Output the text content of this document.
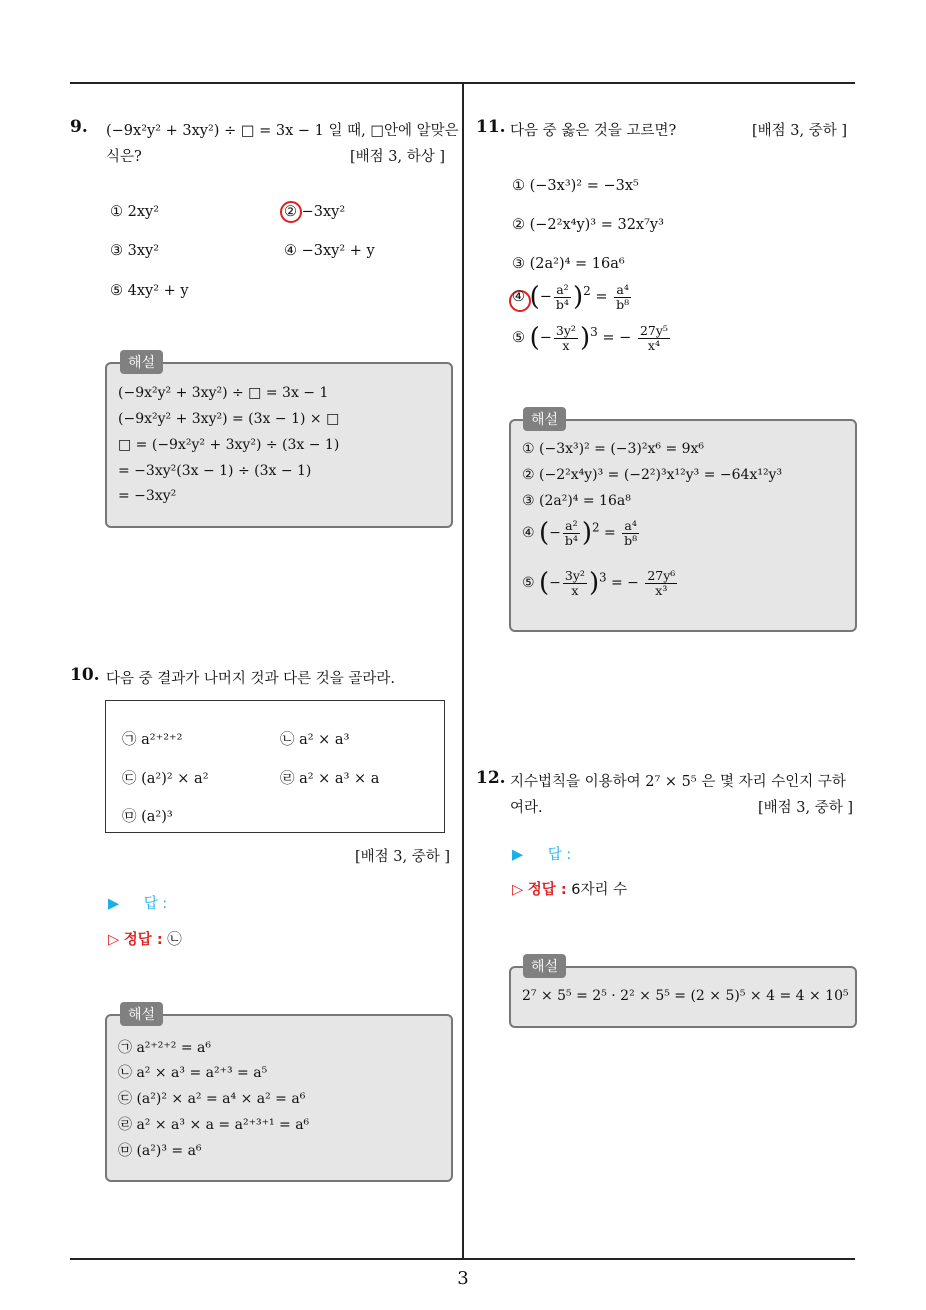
9. (−9x²y² + 3xy²) ÷ □ = 3x − 1 일 때, □안에 알맞은
식은?	[배점 3, 하상 ]
① 2xy²	② −3xy²
③ 3xy²	④ −3xy² + y
⑤ 4xy² + y
해설
(−9x²y² + 3xy²) ÷ □ = 3x − 1
(−9x²y² + 3xy²) = (3x − 1) × □
□ = (−9x²y² + 3xy²) ÷ (3x − 1)
= −3xy²(3x − 1) ÷ (3x − 1)
= −3xy²
10. 다음 중 결과가 나머지 것과 다른 것을 골라라.
㉠ a²⁺²⁺²	㉡ a² × a³
㉢ (a²)² × a²	㉣ a² × a³ × a
㉤ (a²)³
[배점 3, 중하 ]
▶ 답 :
▷ 정답 : ㉡
해설
㉠ a²⁺²⁺² = a⁶
㉡ a² × a³ = a²⁺³ = a⁵
㉢ (a²)² × a² = a⁴ × a² = a⁶
㉣ a² × a³ × a = a²⁺³⁺¹ = a⁶
㉤ (a²)³ = a⁶
11. 다음 중 옳은 것을 고르면?	[배점 3, 중하 ]
① (−3x³)² = −3x⁵
② (−2²x⁴y)³ = 32x⁷y³
③ (2a²)⁴ = 16a⁶
④ (− $\frac{\text{a²}}{\text{b⁴}} )^2 = \frac{\text{a⁴}}{\text{b⁸}}$
⑤ (− $\frac{\text{3y²}}{x} )^3$ = − $\frac{\text{27y⁵}}{\text{x⁴}}$
해설
① (−3x³)² = (−3)²x⁶ = 9x⁶
② (−2²x⁴y)³ = (−2²)³x¹²y³ = −64x¹²y³
③ (2a²)⁴ = 16a⁸
④ (− $\frac{\text{a²}}{\text{b⁴}} )^2 = \frac{\text{a⁴}}{\text{b⁸}}$
⑤ (− $\frac{\text{3y²}}{x} )^3$ = − $\frac{\text{27y⁶}}{\text{x³}}$
12. 지수법칙을 이용하여 2⁷ × 5⁵ 은 몇 자리 수인지 구하
여라.	[배점 3, 중하 ]
▶ 답 :
▷ 정답 : 6자리 수
해설
2⁷ × 5⁵ = 2⁵ · 2² × 5⁵ = (2 × 5)⁵ × 4 = 4 × 10⁵
3
